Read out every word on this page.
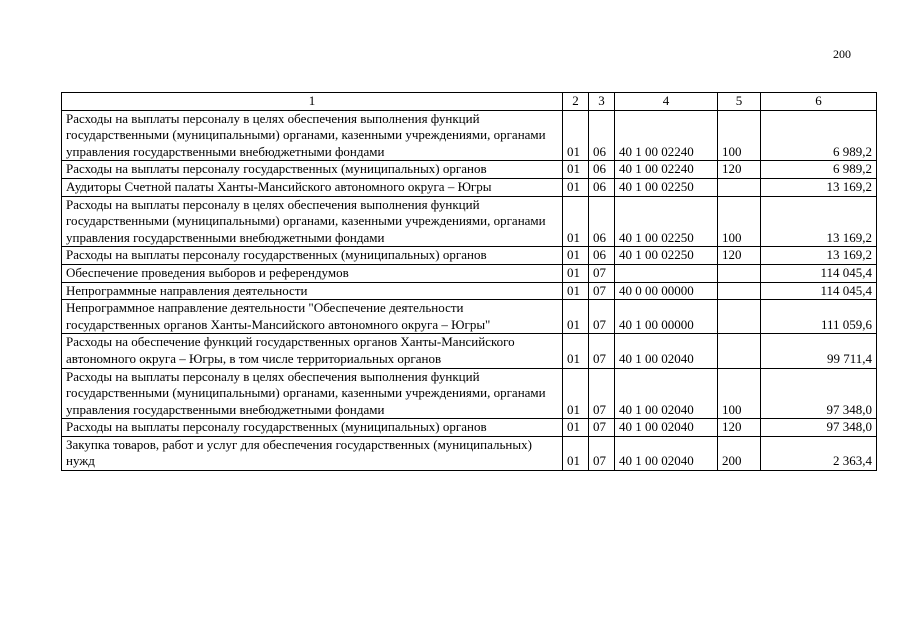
200
1	2	3	4	5	6
Расходы на выплаты персоналу в целях обеспечения выполнения функций государственными (муниципальными) органами, казенными учреждениями, органами управления государственными внебюджетными фондами	01	06	40 1 00 02240	100	6 989,2
Расходы на выплаты персоналу государственных (муниципальных) органов	01	06	40 1 00 02240	120	6 989,2
Аудиторы Счетной палаты Ханты-Мансийского автономного округа – Югры	01	06	40 1 00 02250		13 169,2
Расходы на выплаты персоналу в целях обеспечения выполнения функций государственными (муниципальными) органами, казенными учреждениями, органами управления государственными внебюджетными фондами	01	06	40 1 00 02250	100	13 169,2
Расходы на выплаты персоналу государственных (муниципальных) органов	01	06	40 1 00 02250	120	13 169,2
Обеспечение проведения выборов и референдумов	01	07			114 045,4
Непрограммные направления деятельности	01	07	40 0 00 00000		114 045,4
Непрограммное направление деятельности "Обеспечение деятельности государственных органов Ханты-Мансийского автономного округа – Югры"	01	07	40 1 00 00000		111 059,6
Расходы на обеспечение функций государственных органов Ханты-Мансийского автономного округа – Югры, в том числе территориальных органов	01	07	40 1 00 02040		99 711,4
Расходы на выплаты персоналу в целях обеспечения выполнения функций государственными (муниципальными) органами, казенными учреждениями, органами управления государственными внебюджетными фондами	01	07	40 1 00 02040	100	97 348,0
Расходы на выплаты персоналу государственных (муниципальных) органов	01	07	40 1 00 02040	120	97 348,0
Закупка товаров, работ и услуг для обеспечения государственных (муниципальных) нужд	01	07	40 1 00 02040	200	2 363,4
